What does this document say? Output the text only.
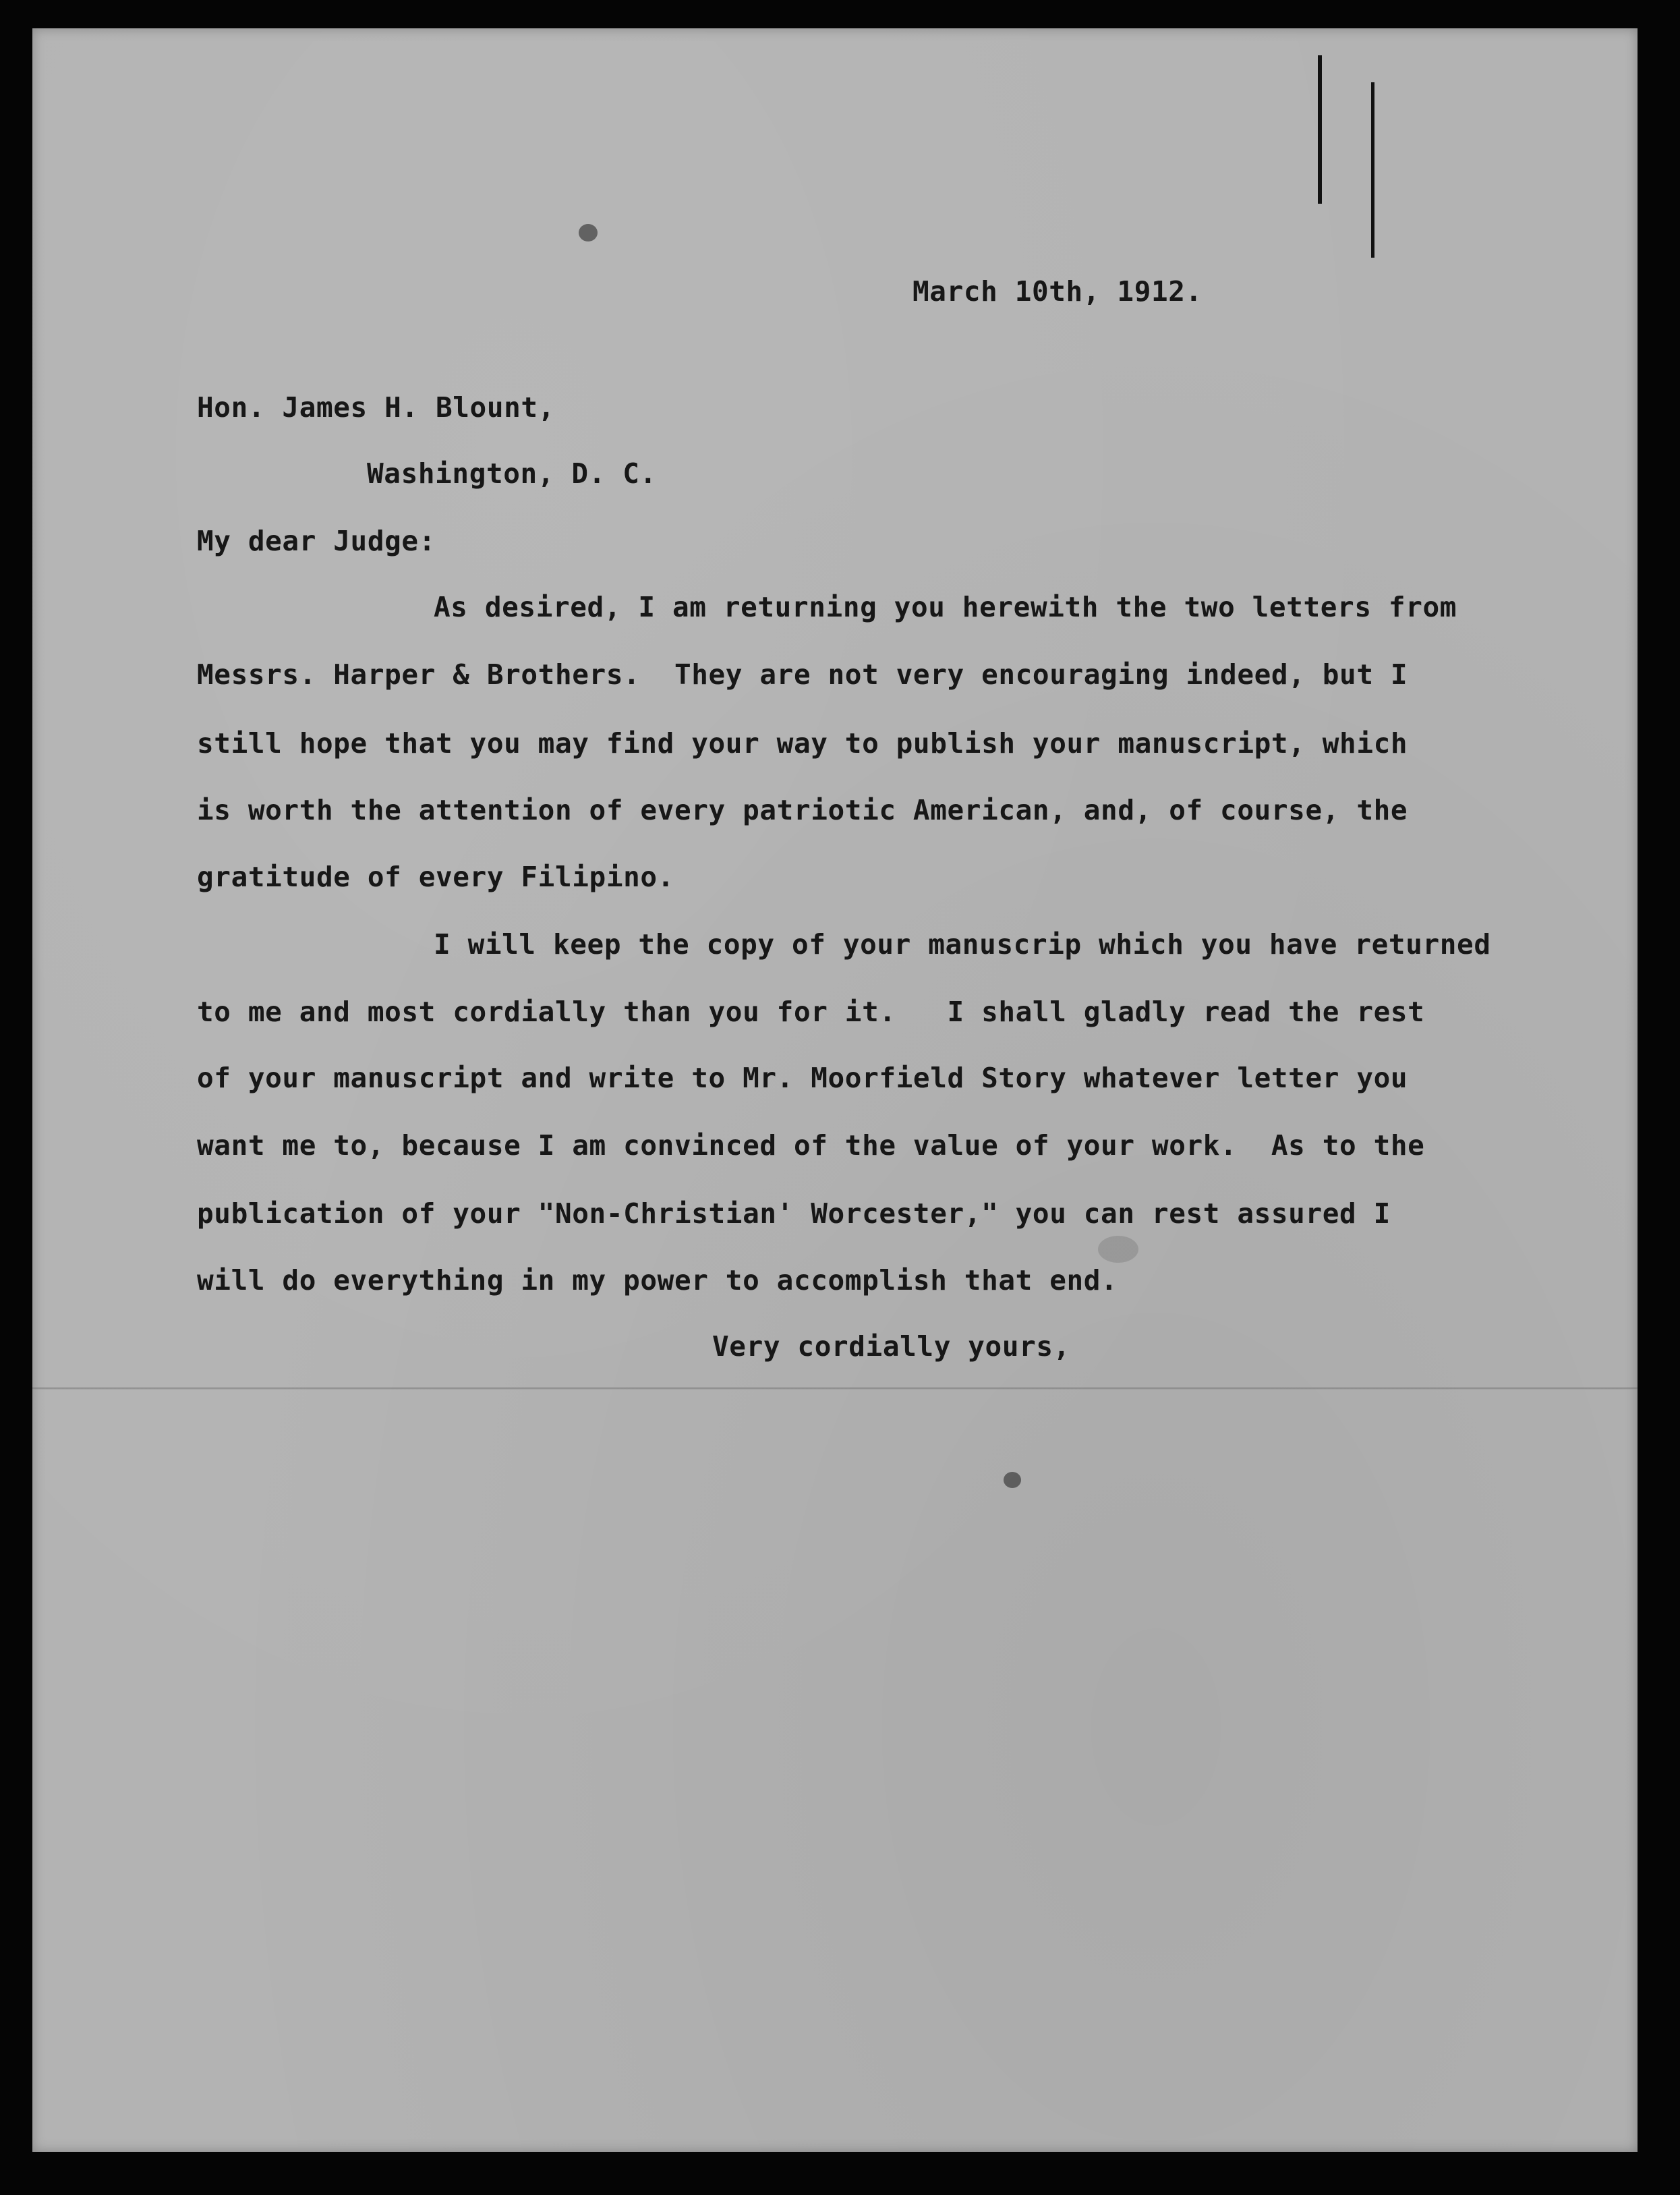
March 10th, 1912.
Hon. James H. Blount,
Washington, D. C.
My dear Judge:
As desired, I am returning you herewith the two letters from
Messrs. Harper & Brothers.  They are not very encouraging indeed, but I
still hope that you may find your way to publish your manuscript, which
is worth the attention of every patriotic American, and, of course, the
gratitude of every Filipino.
I will keep the copy of your manuscrip which you have returned
to me and most cordially than you for it.   I shall gladly read the rest
of your manuscript and write to Mr. Moorfield Story whatever letter you
want me to, because I am convinced of the value of your work.  As to the
publication of your "Non-Christian' Worcester," you can rest assured I
will do everything in my power to accomplish that end.
Very cordially yours,
